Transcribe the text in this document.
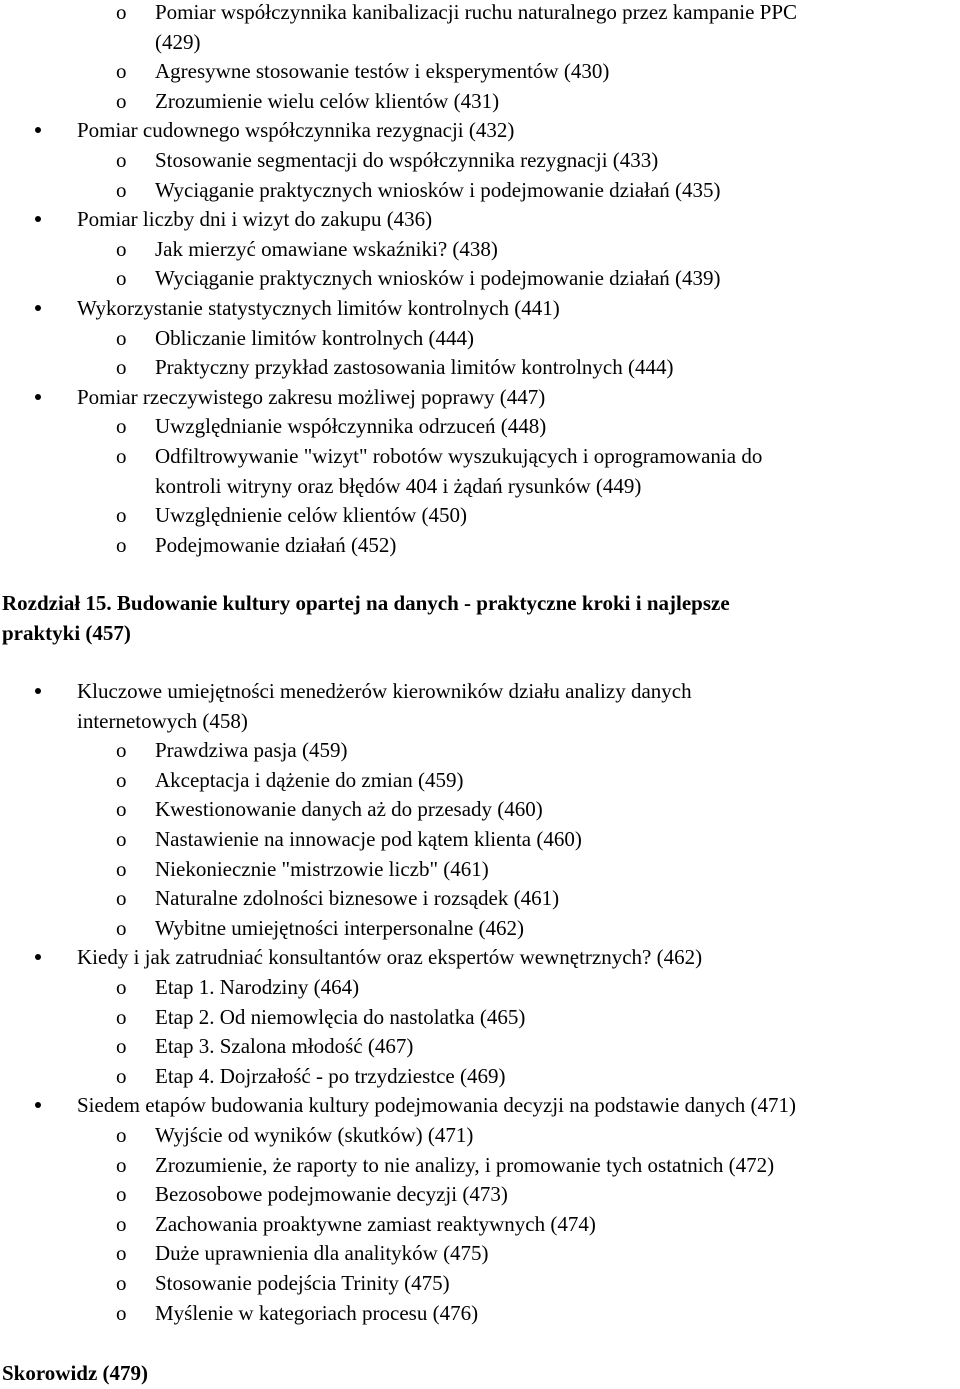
o Pomiar współczynnika kanibalizacji ruchu naturalnego przez kampanie PPC
(429)
o Agresywne stosowanie testów i eksperymentów (430)
o Zrozumienie wielu celów klientów (431)
Pomiar cudownego współczynnika rezygnacji (432)
o Stosowanie segmentacji do współczynnika rezygnacji (433)
o Wyciąganie praktycznych wniosków i podejmowanie działań (435)
Pomiar liczby dni i wizyt do zakupu (436)
o Jak mierzyć omawiane wskaźniki? (438)
o Wyciąganie praktycznych wniosków i podejmowanie działań (439)
Wykorzystanie statystycznych limitów kontrolnych (441)
o Obliczanie limitów kontrolnych (444)
o Praktyczny przykład zastosowania limitów kontrolnych (444)
Pomiar rzeczywistego zakresu możliwej poprawy (447)
o Uwzględnianie współczynnika odrzuceń (448)
o Odfiltrowywanie "wizyt" robotów wyszukujących i oprogramowania do
kontroli witryny oraz błędów 404 i żądań rysunków (449)
o Uwzględnienie celów klientów (450)
o Podejmowanie działań (452)
Rozdział 15. Budowanie kultury opartej na danych - praktyczne kroki i najlepsze
praktyki (457)
Kluczowe umiejętności menedżerów kierowników działu analizy danych
internetowych (458)
o Prawdziwa pasja (459)
o Akceptacja i dążenie do zmian (459)
o Kwestionowanie danych aż do przesady (460)
o Nastawienie na innowacje pod kątem klienta (460)
o Niekoniecznie "mistrzowie liczb" (461)
o Naturalne zdolności biznesowe i rozsądek (461)
o Wybitne umiejętności interpersonalne (462)
Kiedy i jak zatrudniać konsultantów oraz ekspertów wewnętrznych? (462)
o Etap 1. Narodziny (464)
o Etap 2. Od niemowlęcia do nastolatka (465)
o Etap 3. Szalona młodość (467)
o Etap 4. Dojrzałość - po trzydziestce (469)
Siedem etapów budowania kultury podejmowania decyzji na podstawie danych (471)
o Wyjście od wyników (skutków) (471)
o Zrozumienie, że raporty to nie analizy, i promowanie tych ostatnich (472)
o Bezosobowe podejmowanie decyzji (473)
o Zachowania proaktywne zamiast reaktywnych (474)
o Duże uprawnienia dla analityków (475)
o Stosowanie podejścia Trinity (475)
o Myślenie w kategoriach procesu (476)
Skorowidz (479)
